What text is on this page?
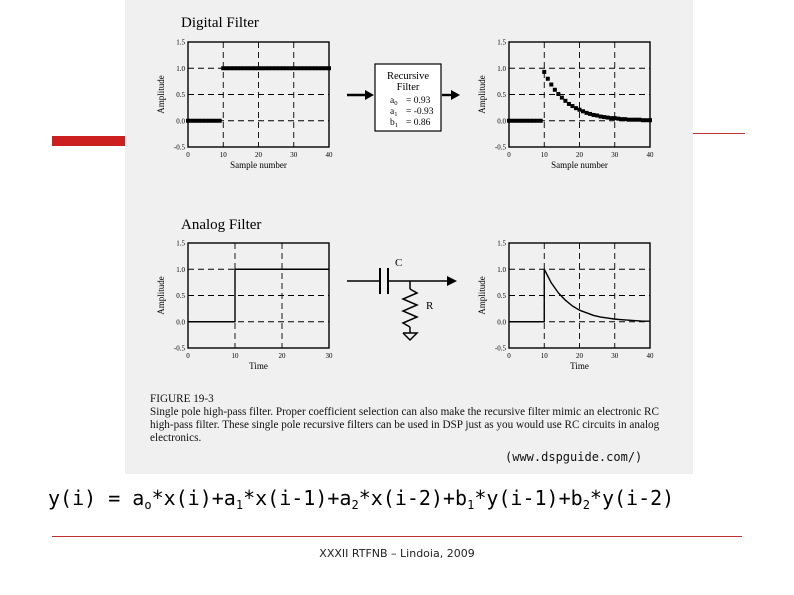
Digital Filter
Analog Filter
Recursive
Filter
$a_0 = 0.93$
$a_1 = -0.93$
$b_1 = 0.86$
C
R
0	10	20	30	40
-0.5
0.0
0.5
1.0
1.5
Sample number
Amplitude
0	10	20	30	40
-0.5
0.0
0.5
1.0
1.5
Sample number
Amplitude
0	10	20	30
-0.5
0.0
0.5
1.0
1.5
Time
Amplitude
0	10	20	30	40
-0.5
0.0
0.5
1.0
1.5
Time
Amplitude
FIGURE 19-3
Single pole high-pass filter. Proper coefficient selection can also make the recursive filter mimic an electronic RC high-pass filter. These single pole recursive filters can be used in DSP just as you would use RC circuits in analog electronics.
(www.dspguide.com/)
$y(i) = a_o*x(i)+a_1*x(i-1)+a_2*x(i-2)+b_1*y(i-1)+b_2*y(i-2)$
XXXII RTFNB – Lindoia, 2009
